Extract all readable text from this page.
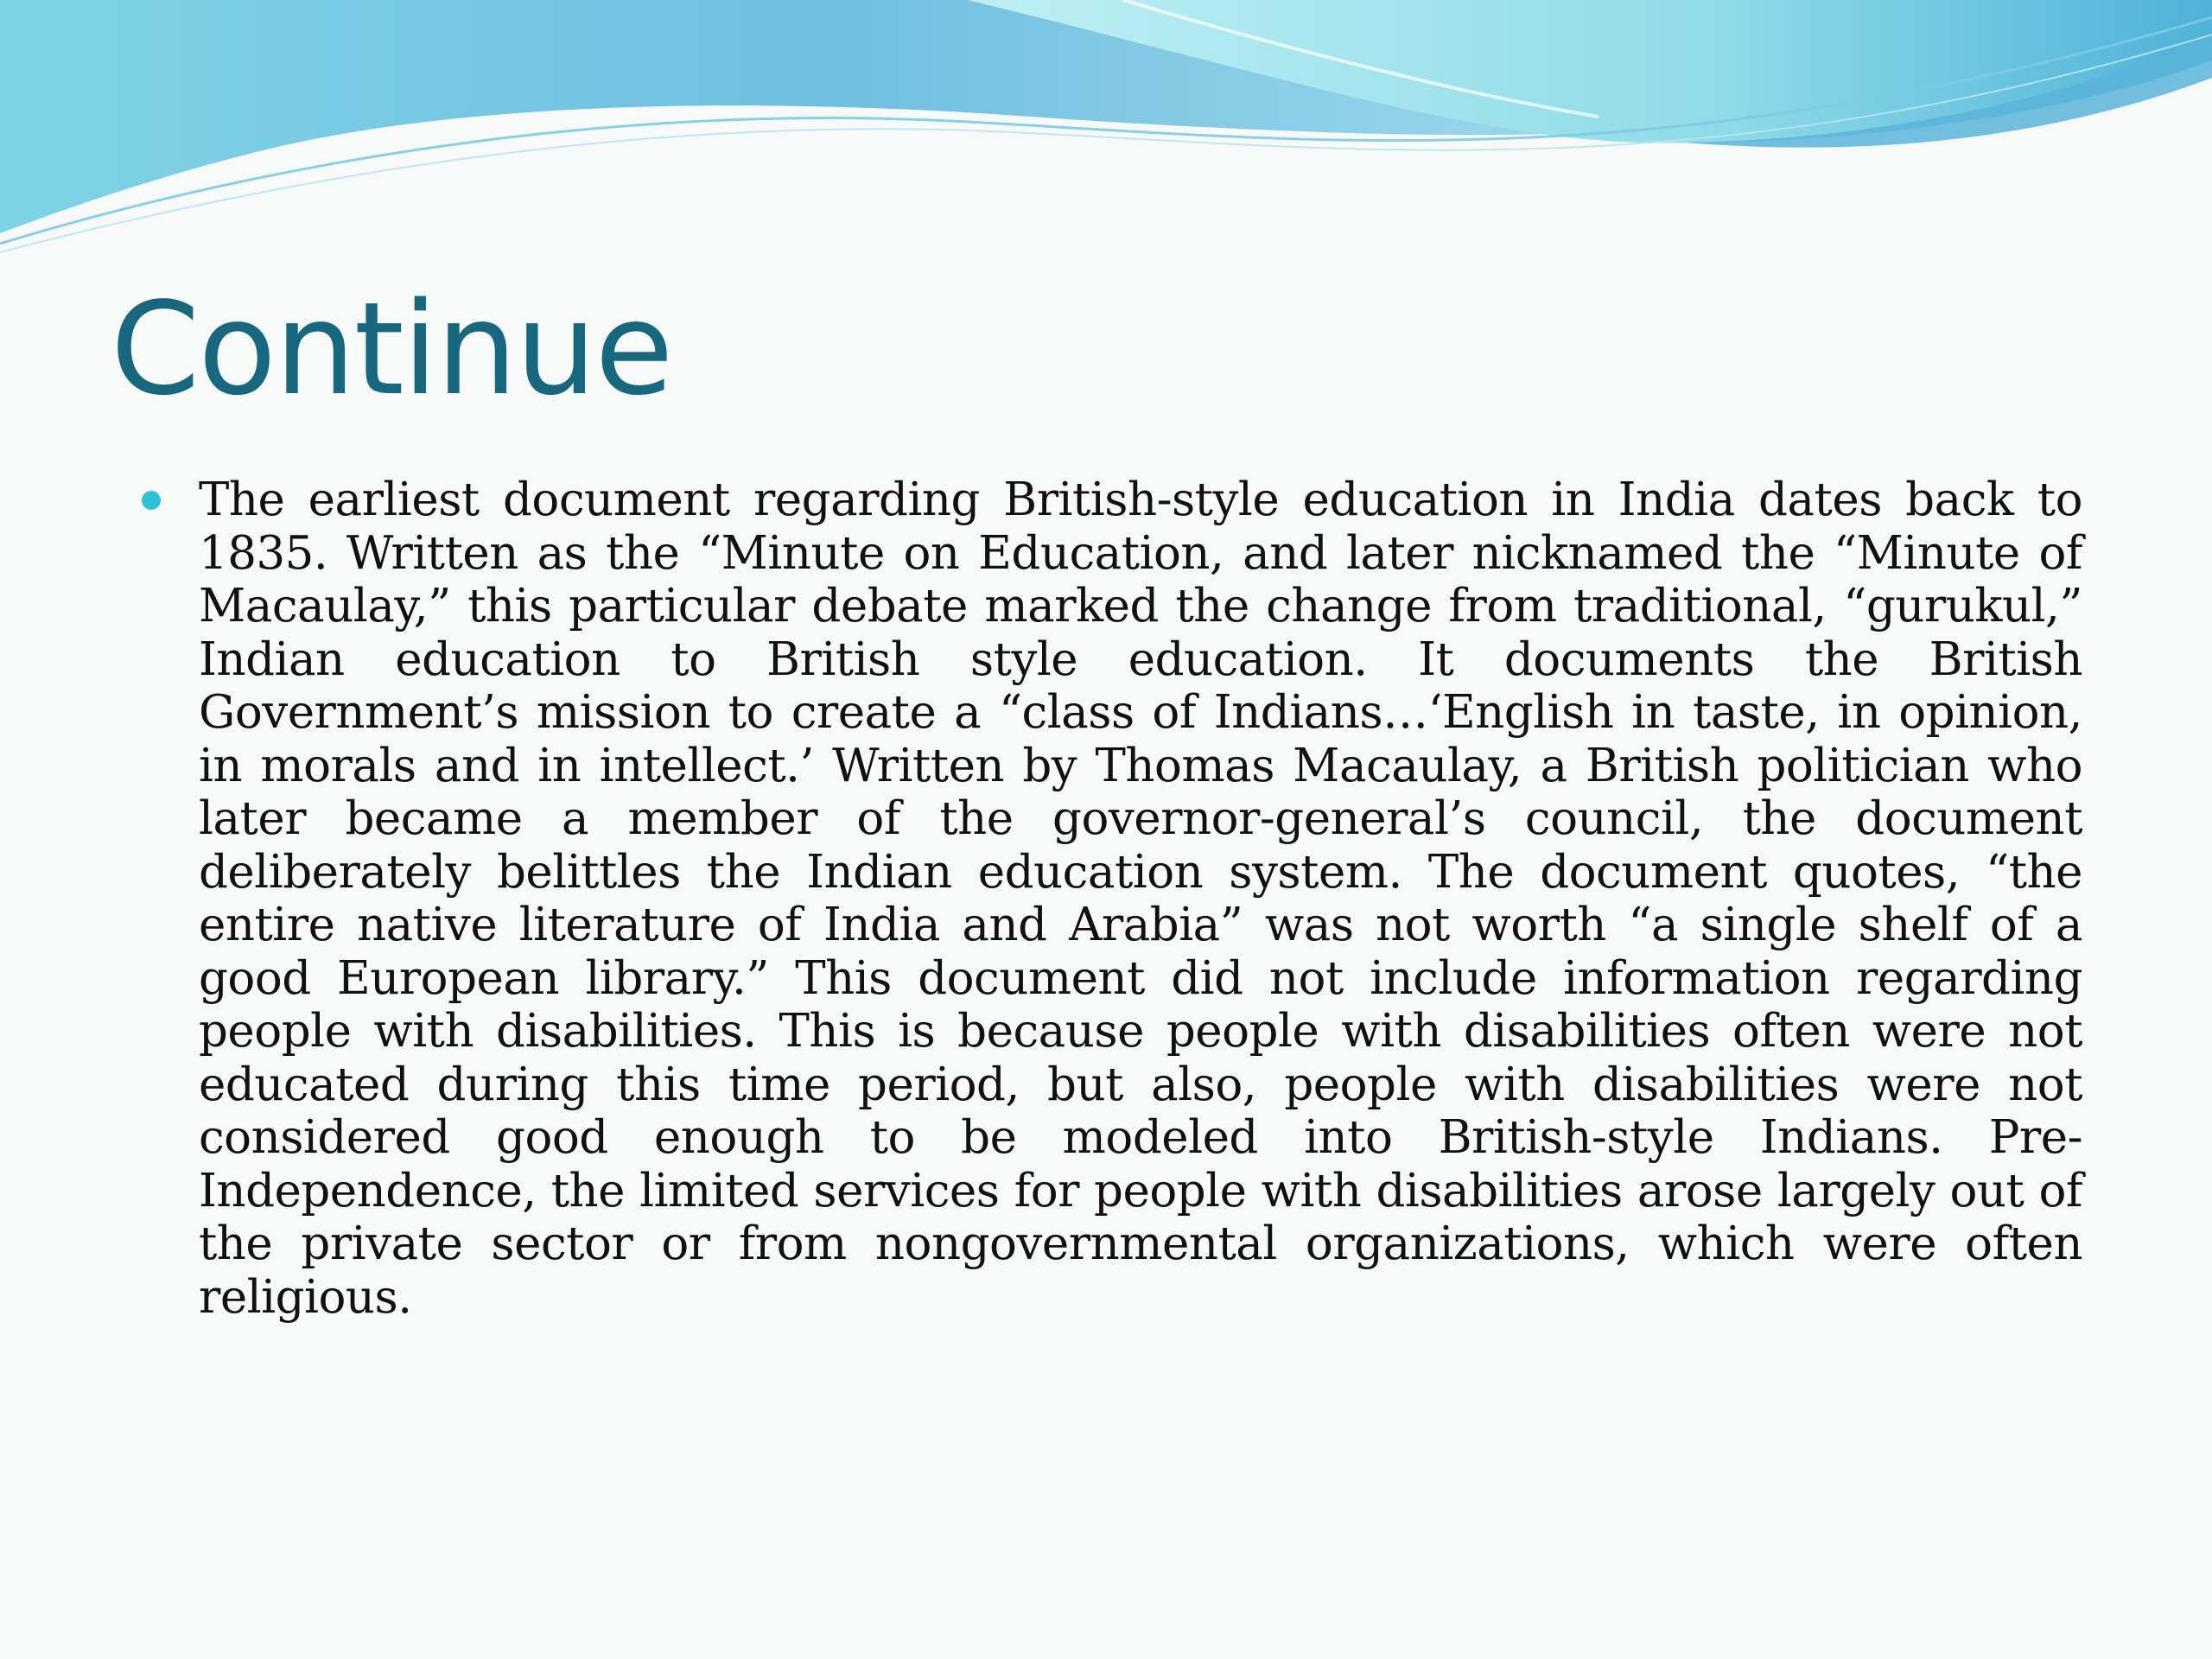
Continue
The earliest document regarding British-style education in India dates back to 1835. Written as the “Minute on Education, and later nicknamed the “Minute of Macaulay,” this particular debate marked the change from traditional, “gurukul,” Indian education to British style education. It documents the British Government’s mission to create a “class of Indians…‘English in taste, in opinion, in morals and in intellect.’ Written by Thomas Macaulay, a British politician who later became a member of the governor-general’s council, the document deliberately belittles the Indian education system. The document quotes, “the entire native literature of India and Arabia” was not worth “a single shelf of a good European library.” This document did not include information regarding people with disabilities. This is because people with disabilities often were not educated during this time period, but also, people with disabilities were not considered good enough to be modeled into British-style Indians. Pre-Independence, the limited services for people with disabilities arose largely out of the private sector or from nongovernmental organizations, which were often religious.
